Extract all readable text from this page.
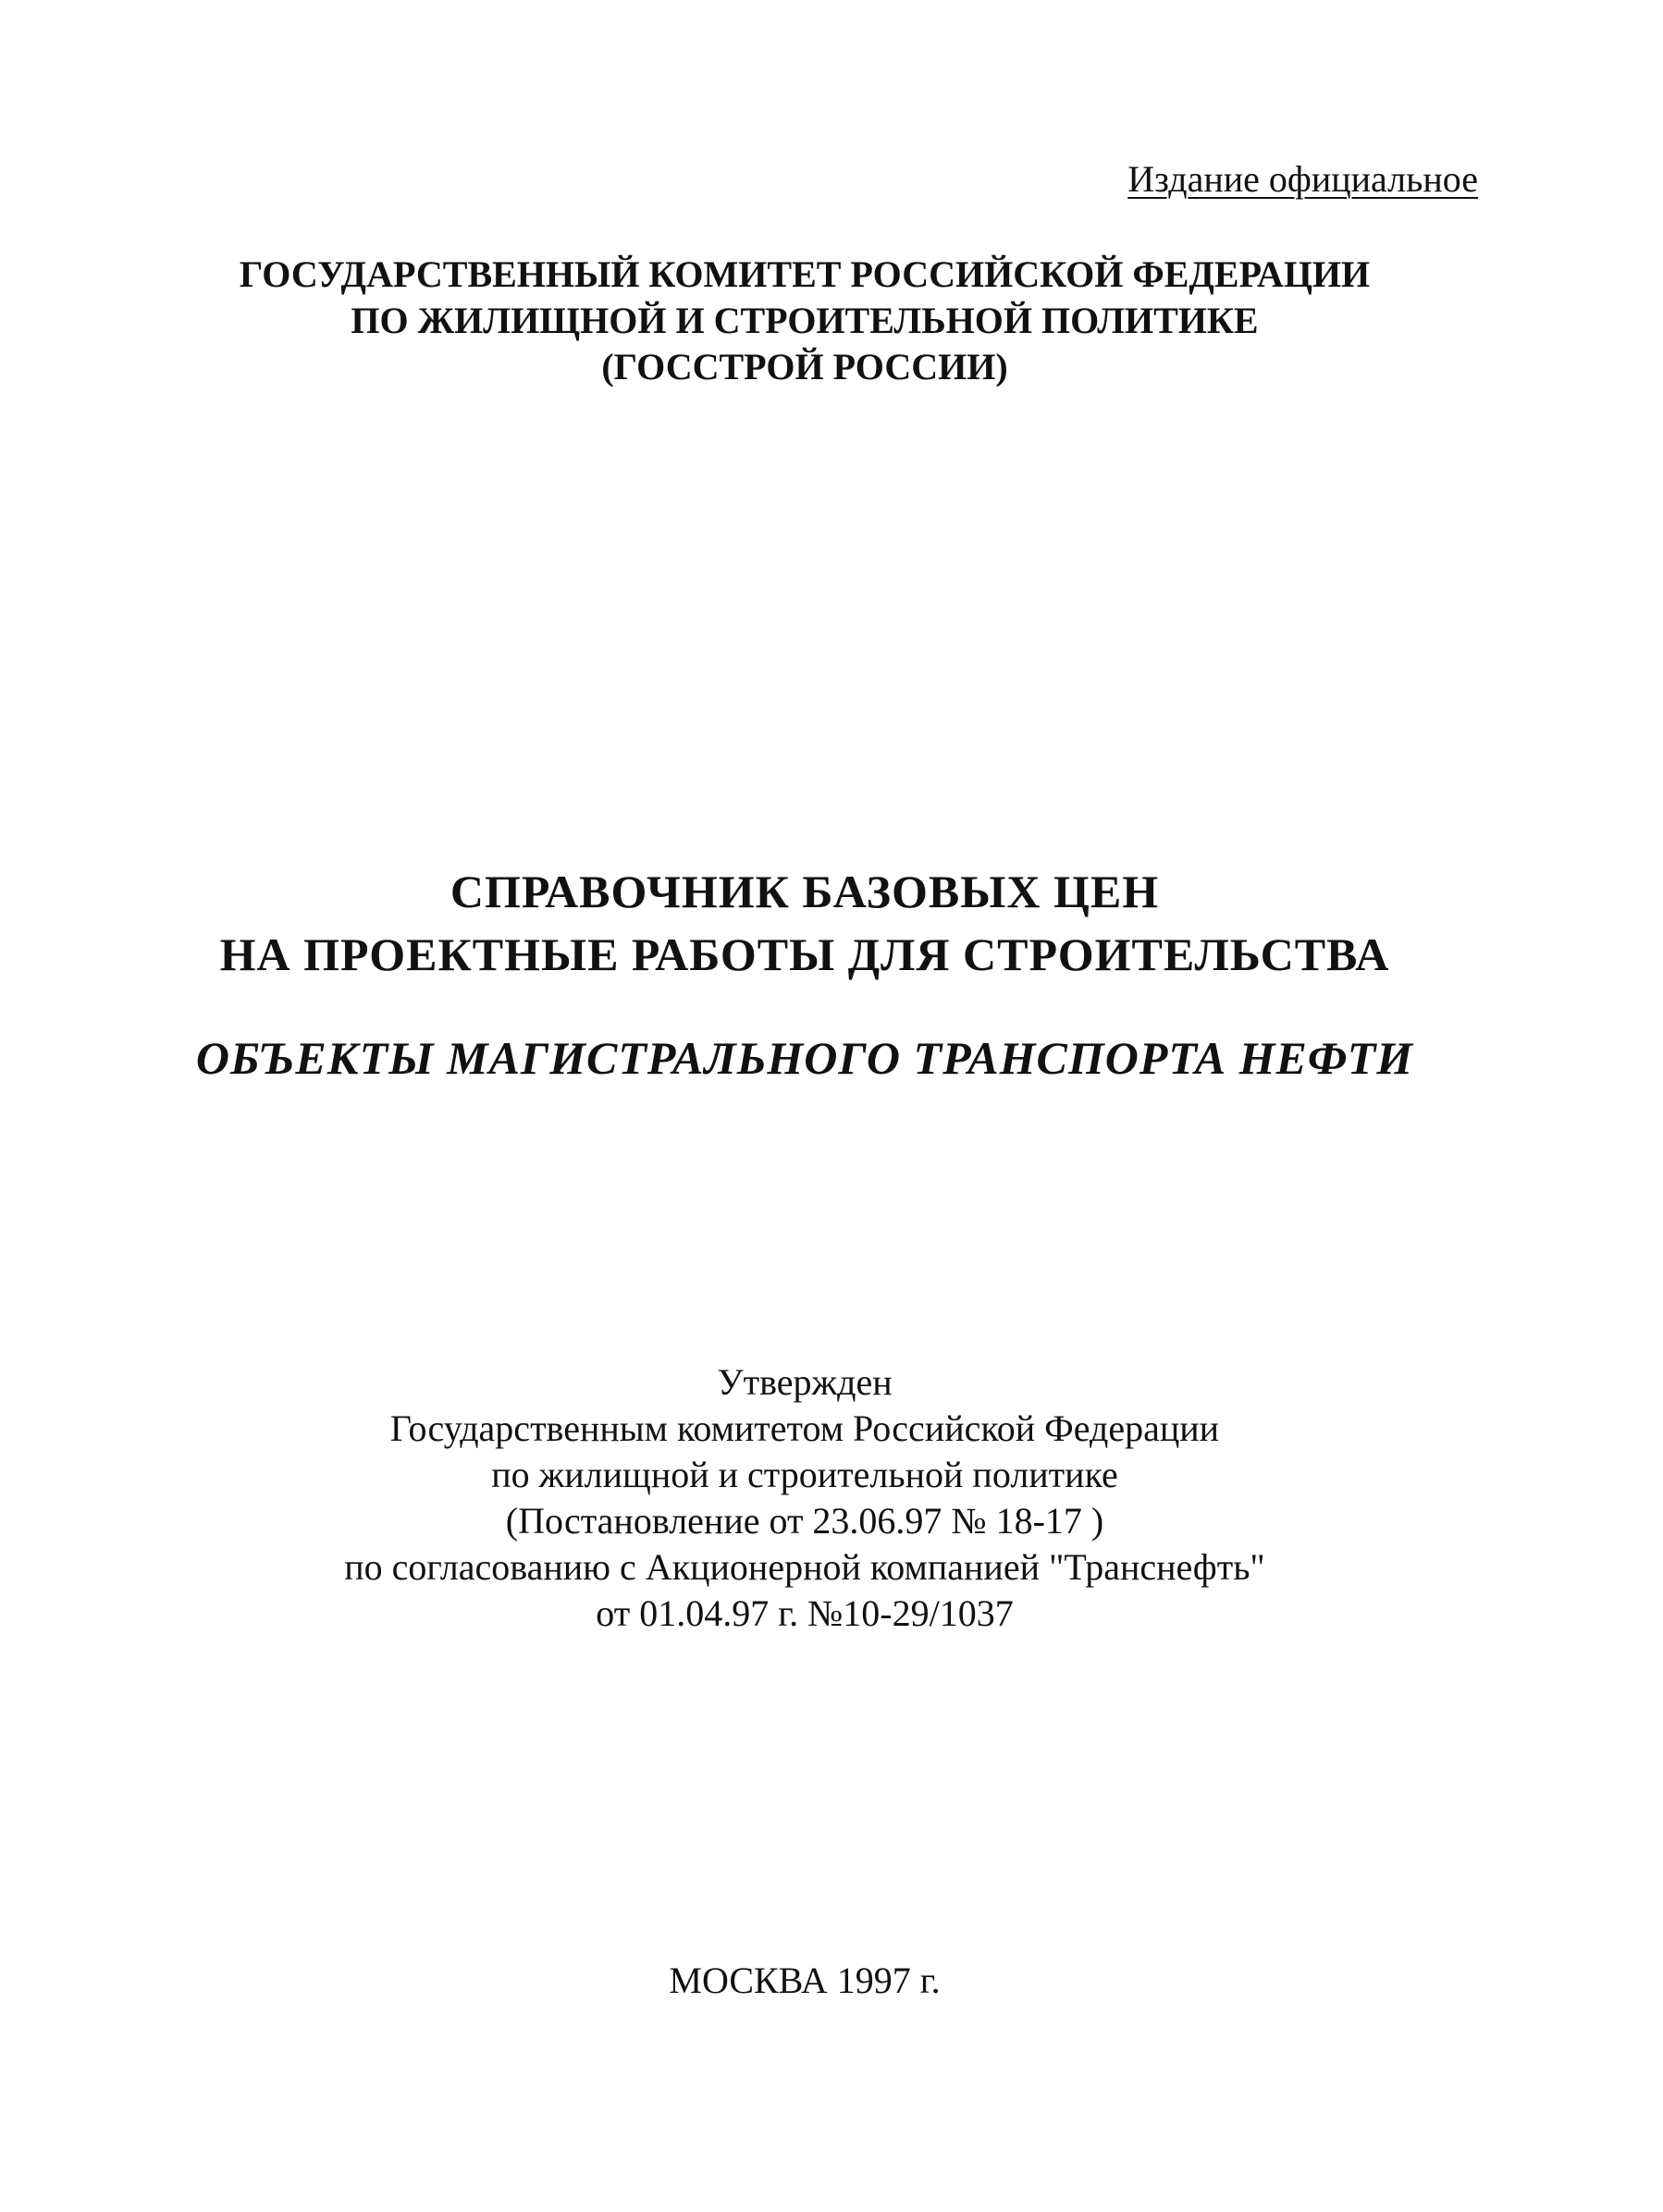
Издание официальное
ГОСУДАРСТВЕННЫЙ КОМИТЕТ РОССИЙСКОЙ ФЕДЕРАЦИИ
ПО ЖИЛИЩНОЙ И СТРОИТЕЛЬНОЙ ПОЛИТИКЕ
(ГОССТРОЙ РОССИИ)
СПРАВОЧНИК БАЗОВЫХ ЦЕН
НА ПРОЕКТНЫЕ РАБОТЫ ДЛЯ СТРОИТЕЛЬСТВА
ОБЪЕКТЫ МАГИСТРАЛЬНОГО ТРАНСПОРТА НЕФТИ
Утвержден
Государственным комитетом Российской Федерации
по жилищной и строительной политике
(Постановление от 23.06.97 № 18-17 )
по согласованию с Акционерной компанией "Транснефть"
от 01.04.97 г. №10-29/1037
МОСКВА 1997 г.
